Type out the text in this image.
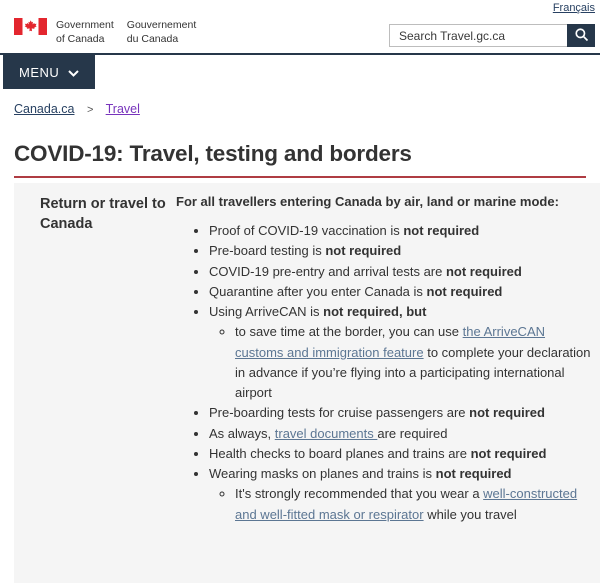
Français
Government
of Canada
Gouvernement
du Canada
Search Travel.gc.ca
MENU
Canada.ca > Travel
COVID-19: Travel, testing and borders
Return or travel to Canada

For all travellers entering Canada by air, land or marine mode:

• Proof of COVID-19 vaccination is not required
• Pre-board testing is not required
• COVID-19 pre-entry and arrival tests are not required
• Quarantine after you enter Canada is not required
• Using ArriveCAN is not required, but
◦ to save time at the border, you can use the ArriveCAN customs and immigration feature to complete your declaration in advance if you’re flying into a participating international airport
• Pre-boarding tests for cruise passengers are not required
• As always, travel documents are required
• Health checks to board planes and trains are not required
• Wearing masks on planes and trains is not required
◦ It's strongly recommended that you wear a well-constructed and well-fitted mask or respirator while you travel
